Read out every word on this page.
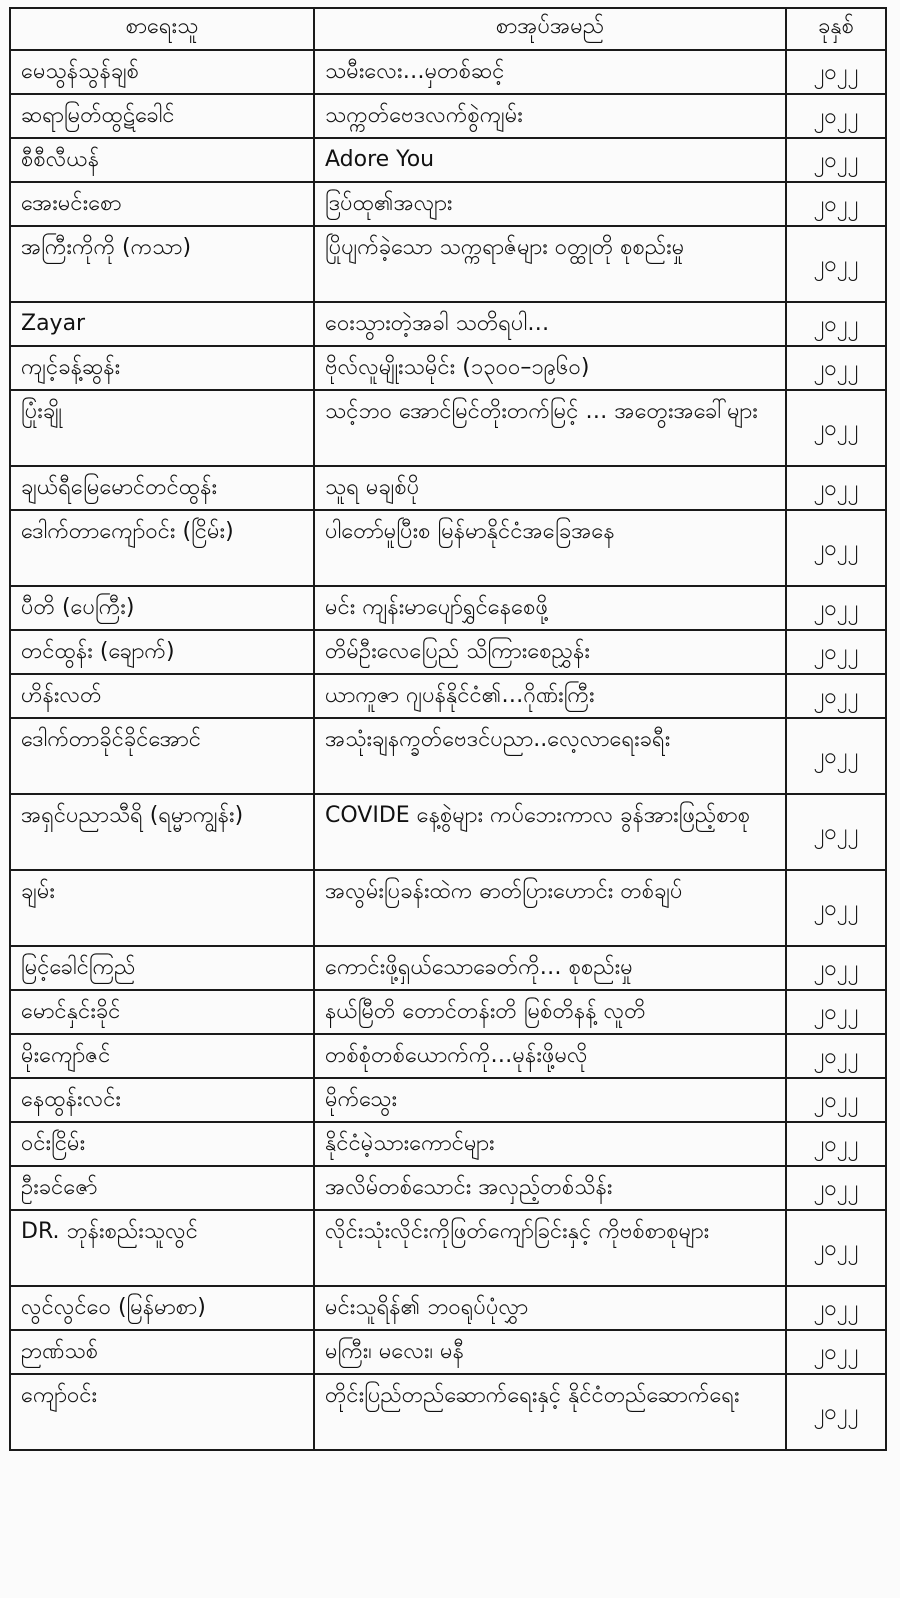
စာရေးသူ	စာအုပ်အမည်	ခုနှစ်
မေသွန်သွန်ချစ်	သမီးလေး…မှတစ်ဆင့်	၂၀၂၂
ဆရာမြတ်ထွဋ်ခေါင်	သက္ကတ်ဗေဒလက်စွဲကျမ်း	၂၀၂၂
စီစီလီယန်	Adore You	၂၀၂၂
အေးမင်းစော	ဒြပ်ထု၏အလျား	၂၀၂၂
အကြီးကိုကို (ကသာ)	ပြိုပျက်ခဲ့သော သက္ကရာဇ်များ ဝတ္ထုတို စုစည်းမှု	၂၀၂၂
Zayar	ဝေးသွားတဲ့အခါ သတိရပါ…	၂၀၂၂
ကျင့်ခန့်ဆွန်း	ဗိုလ်လူမျိုးသမိုင်း (၁၃၀၀–၁၉၆၀)	၂၀၂၂
ပြုံးချို	သင့်ဘဝ အောင်မြင်တိုးတက်မြင့် … အတွေးအခေါ်များ	၂၀၂၂
ချယ်ရီမြေမောင်တင်ထွန်း	သူရ မချစ်ပို	၂၀၂၂
ဒေါက်တာကျော်ဝင်း (ငြိမ်း)	ပါတော်မူပြီးစ မြန်မာနိုင်ငံအခြေအနေ	၂၀၂၂
ပီတိ (ပေကြီး)	မင်း ကျန်းမာပျော်ရွှင်နေစေဖို့	၂၀၂၂
တင်ထွန်း (ချောက်)	တိမ်ဦးလေပြေည် သိကြားစေညွှန်း	၂၀၂၂
ဟိန်းလတ်	ယာကူဇာ ဂျပန်နိုင်ငံ၏…ဂိုဏ်းကြီး	၂၀၂၂
ဒေါက်တာခိုင်ခိုင်အောင်	အသုံးချနက္ခတ်ဗေဒင်ပညာ..လေ့လာရေးခရီး	၂၀၂၂
အရှင်ပညာသီရိ (ရမ္မာကျွန်း)	COVIDE နေ့စွဲများ ကပ်ဘေးကာလ ခွန်အားဖြည့်စာစု	၂၀၂၂
ချမ်း	အလွမ်းပြခန်းထဲက ဓာတ်ပြားဟောင်း တစ်ချပ်	၂၀၂၂
မြင့်ခေါင်ကြည်	ကောင်းဖို့ရှယ်သောခေတ်ကို… စုစည်းမှု	၂၀၂၂
မောင်နှင်းခိုင်	နယ်မြီတိ တောင်တန်းတိ မြစ်တိနန့် လူတိ	၂၀၂၂
မိုးကျော်ဇင်	တစ်စုံတစ်ယောက်ကို…မုန်းဖို့မလို	၂၀၂၂
နေထွန်းလင်း	မိုက်သွေး	၂၀၂၂
ဝင်းငြိမ်း	နိုင်ငံမဲ့သားကောင်များ	၂၀၂၂
ဦးခင်ဇော်	အလိမ်တစ်သောင်း အလှည့်တစ်သိန်း	၂၀၂၂
DR. ဘုန်းစည်းသူလွင်	လိုင်းသုံးလိုင်းကိုဖြတ်ကျော်ခြင်းနှင့် ကိုဗစ်စာစုများ	၂၀၂၂
လွင်လွင်ဝေ (မြန်မာစာ)	မင်းသူရိန်၏ ဘဝရုပ်ပုံလွှာ	၂၀၂၂
ဉာဏ်သစ်	မကြီး၊ မလေး၊ မနီ	၂၀၂၂
ကျော်ဝင်း	တိုင်းပြည်တည်ဆောက်ရေးနှင့် နိုင်ငံတည်ဆောက်ရေး	၂၀၂၂
